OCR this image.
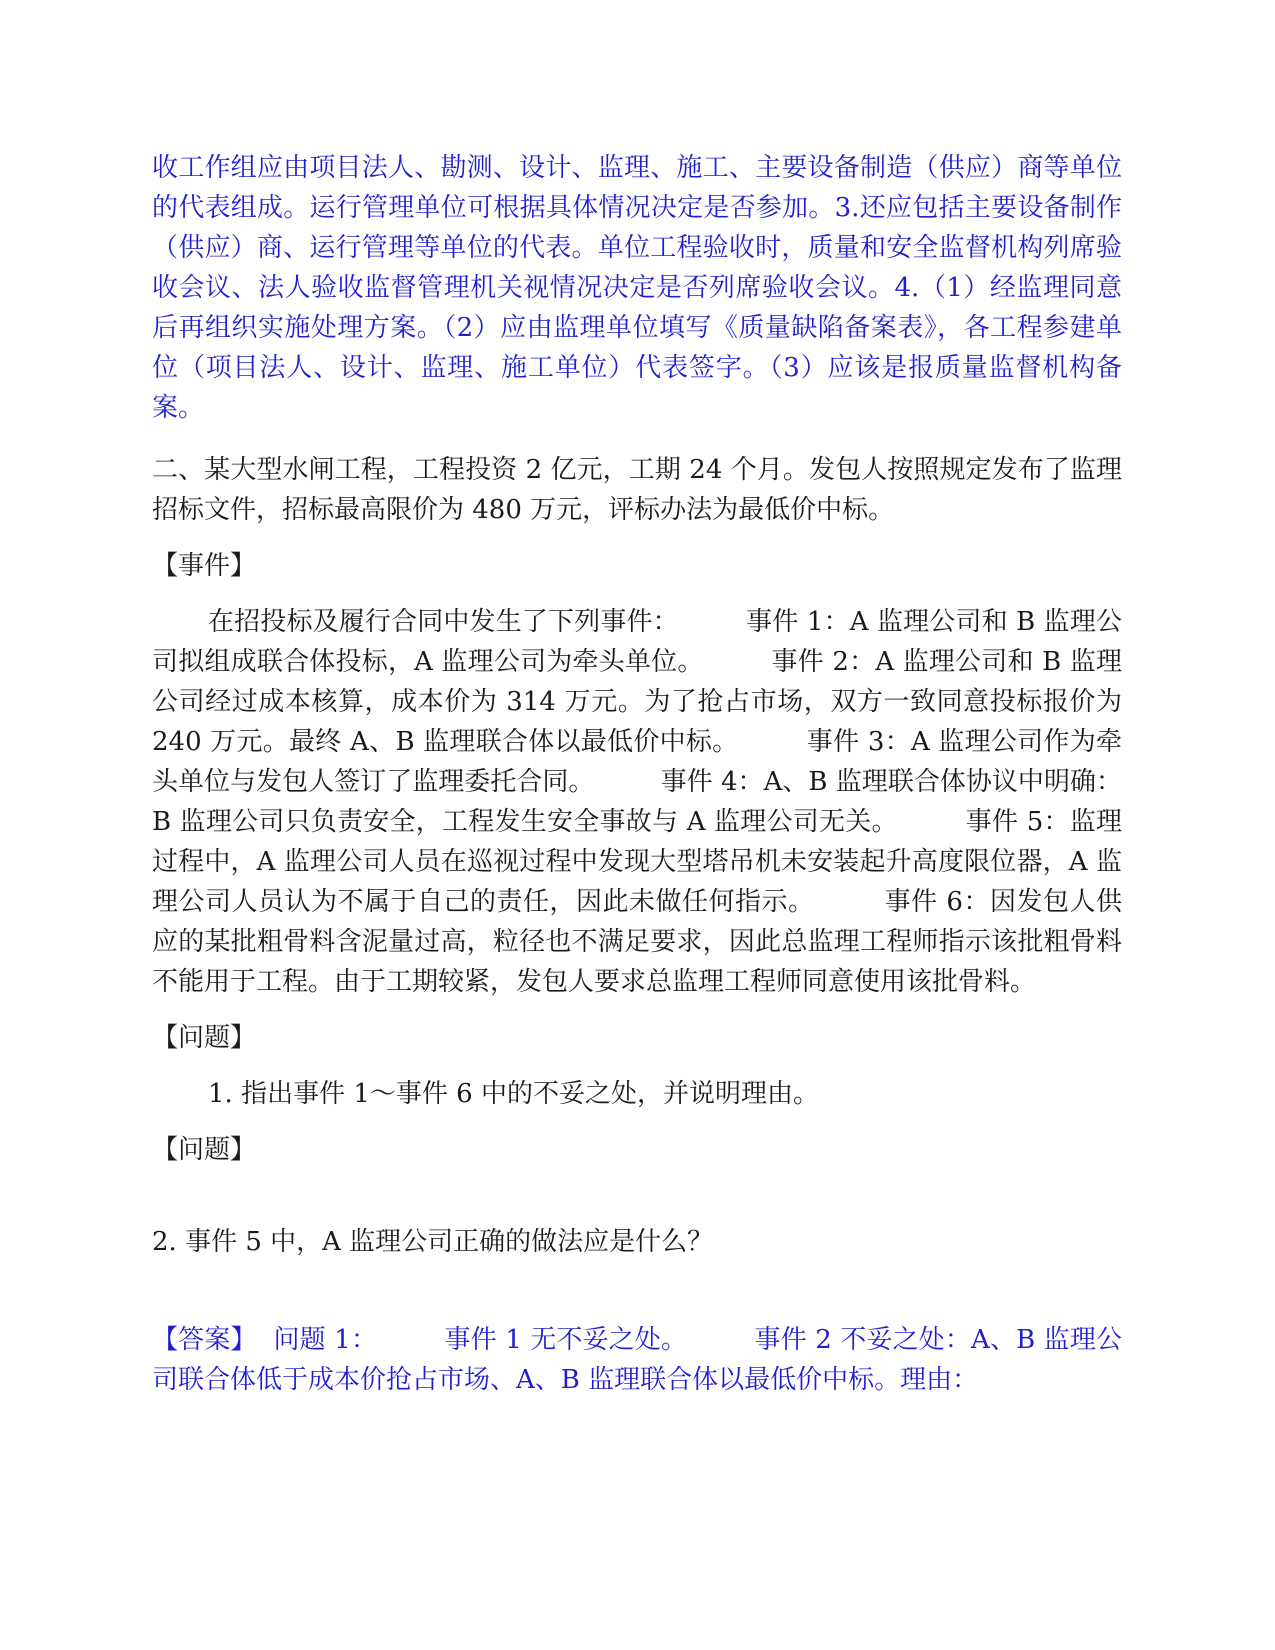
收工作组应由项目法人、勘测、设计、监理、施工、主要设备制造（供应）商等单位的代表组成。运行管理单位可根据具体情况决定是否参加。3.还应包括主要设备制作（供应）商、运行管理等单位的代表。单位工程验收时，质量和安全监督机构列席验收会议、法人验收监督管理机关视情况决定是否列席验收会议。4.（1）经监理同意后再组织实施处理方案。（2）应由监理单位填写《质量缺陷备案表》，各工程参建单位（项目法人、设计、监理、施工单位）代表签字。（3）应该是报质量监督机构备案。

二、某大型水闸工程，工程投资 2 亿元，工期 24 个月。发包人按照规定发布了监理招标文件，招标最高限价为 480 万元，评标办法为最低价中标。

【事件】

在招投标及履行合同中发生了下列事件：        事件 1：A 监理公司和 B 监理公司拟组成联合体投标，A 监理公司为牵头单位。        事件 2：A 监理公司和 B 监理公司经过成本核算，成本价为 314 万元。为了抢占市场，双方一致同意投标报价为 240 万元。最终 A、B 监理联合体以最低价中标。        事件 3：A 监理公司作为牵头单位与发包人签订了监理委托合同。        事件 4：A、B 监理联合体协议中明确：B 监理公司只负责安全，工程发生安全事故与 A 监理公司无关。        事件 5：监理过程中，A 监理公司人员在巡视过程中发现大型塔吊机未安装起升高度限位器，A 监理公司人员认为不属于自己的责任，因此未做任何指示。        事件 6：因发包人供应的某批粗骨料含泥量过高，粒径也不满足要求，因此总监理工程师指示该批粗骨料不能用于工程。由于工期较紧，发包人要求总监理工程师同意使用该批骨料。

【问题】

1. 指出事件 1～事件 6 中的不妥之处，并说明理由。

【问题】

2. 事件 5 中，A 监理公司正确的做法应是什么？

【答案】 问题 1：        事件 1 无不妥之处。        事件 2 不妥之处：A、B 监理公司联合体低于成本价抢占市场、A、B 监理联合体以最低价中标。理由：
